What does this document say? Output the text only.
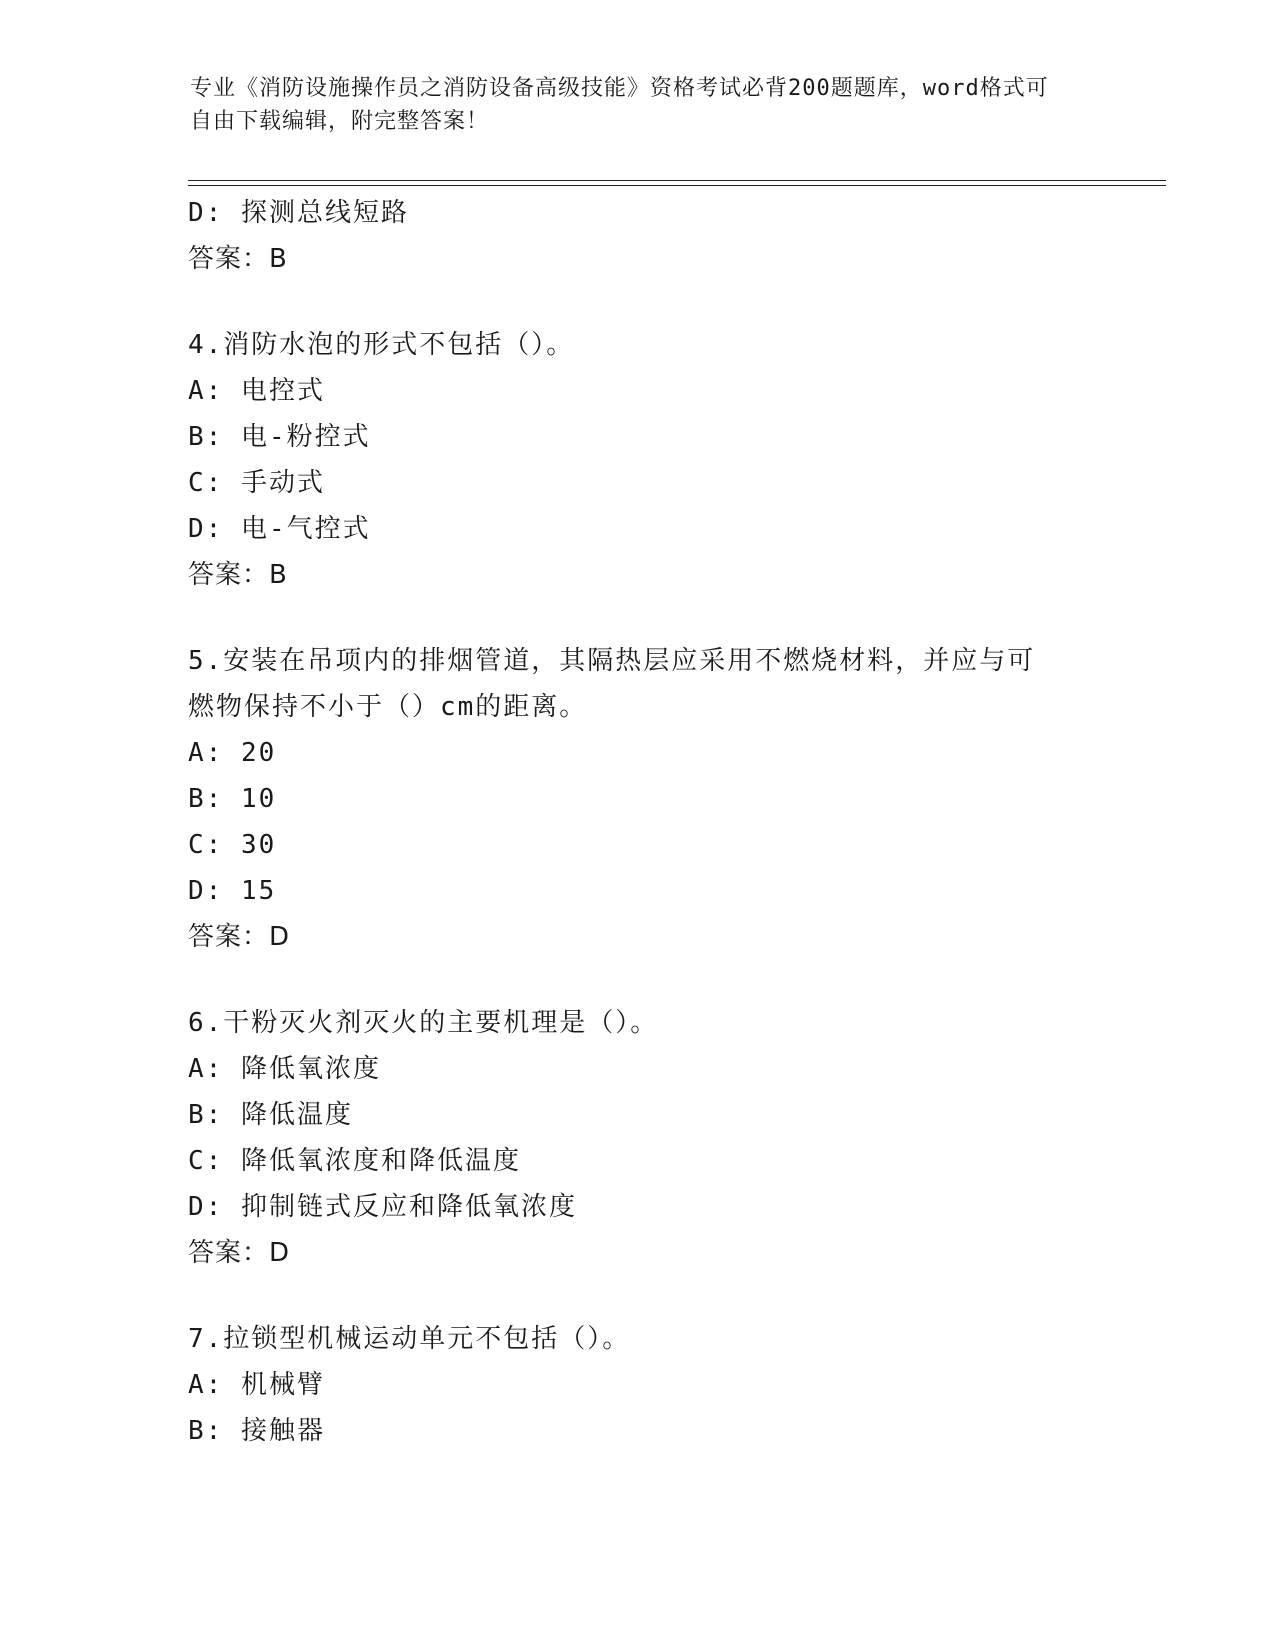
专业《消防设施操作员之消防设备高级技能》资格考试必背200题题库，word格式可自由下载编辑，附完整答案！
D: 探测总线短路
答案：B
4.消防水泡的形式不包括（）。
A: 电控式
B: 电-粉控式
C: 手动式
D: 电-气控式
答案：B
5.安装在吊项内的排烟管道，其隔热层应采用不燃烧材料，并应与可
燃物保持不小于（）cm的距离。
A: 20
B: 10
C: 30
D: 15
答案：D
6.干粉灭火剂灭火的主要机理是（）。
A: 降低氧浓度
B: 降低温度
C: 降低氧浓度和降低温度
D: 抑制链式反应和降低氧浓度
答案：D
7.拉锁型机械运动单元不包括（）。
A: 机械臂
B: 接触器
